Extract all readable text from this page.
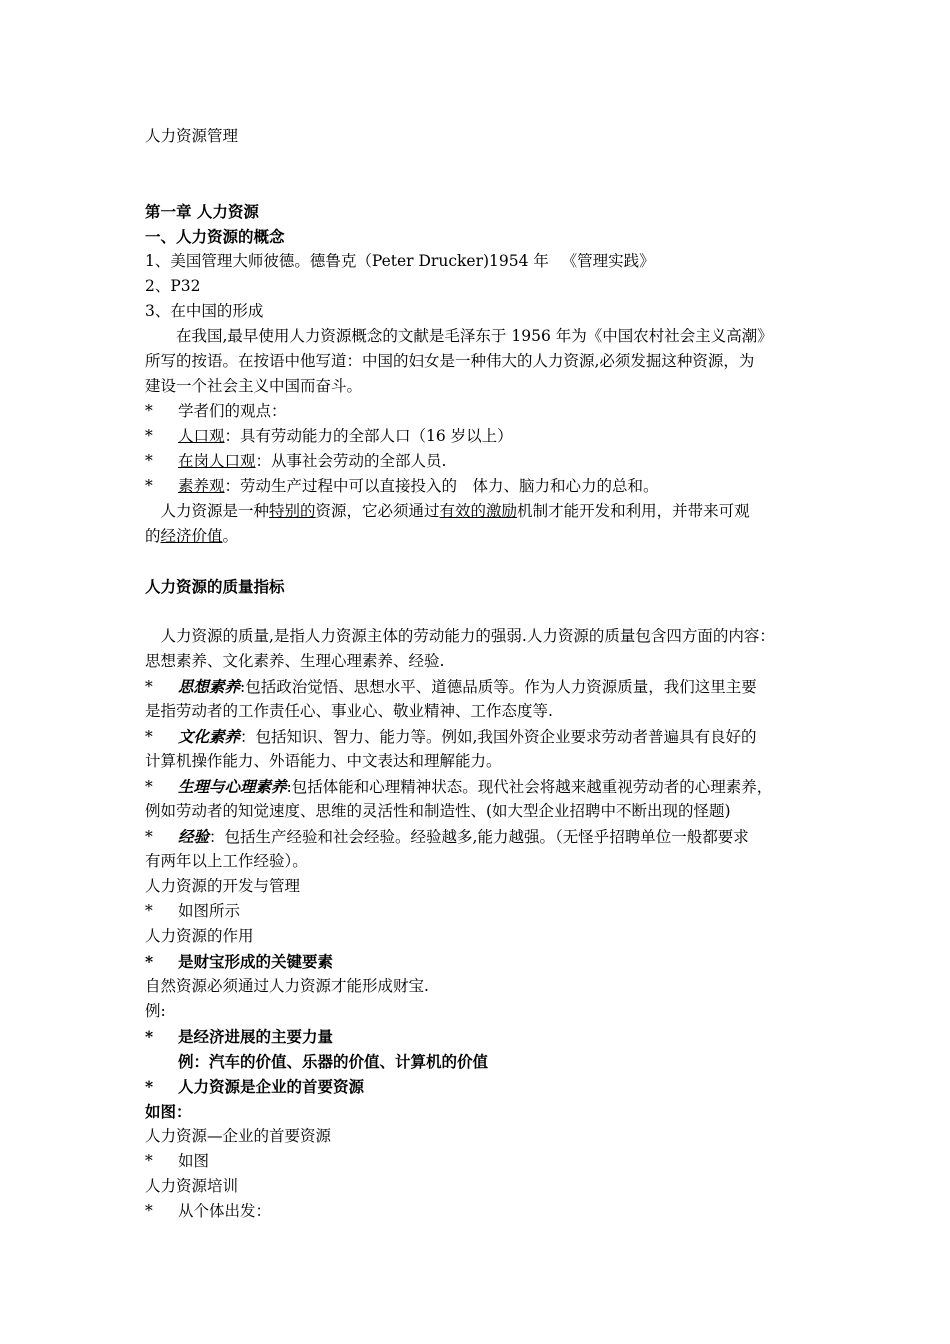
人力资源管理
第一章 人力资源
一、人力资源的概念
1、美国管理大师彼德。德鲁克（Peter Drucker)1954 年 　《管理实践》
2、P32
3、在中国的形成
　　在我国,最早使用人力资源概念的文献是毛泽东于 1956 年为《中国农村社会主义高潮》
所写的按语。在按语中他写道：中国的妇女是一种伟大的人力资源,必须发掘这种资源，为
建设一个社会主义中国而奋斗。
* 学者们的观点：
* 人口观：具有劳动能力的全部人口（16 岁以上）
* 在岗人口观：从事社会劳动的全部人员.
* 素养观：劳动生产过程中可以直接投入的　体力、脑力和心力的总和。
　人力资源是一种特别的资源，它必须通过有效的激励机制才能开发和利用，并带来可观
的经济价值。
人力资源的质量指标
　人力资源的质量,是指人力资源主体的劳动能力的强弱.人力资源的质量包含四方面的内容：
思想素养、文化素养、生理心理素养、经验.
* 思想素养:包括政治觉悟、思想水平、道德品质等。作为人力资源质量，我们这里主要
是指劳动者的工作责任心、事业心、敬业精神、工作态度等.
* 文化素养：包括知识、智力、能力等。例如,我国外资企业要求劳动者普遍具有良好的
计算机操作能力、外语能力、中文表达和理解能力。
* 生理与心理素养:包括体能和心理精神状态。现代社会将越来越重视劳动者的心理素养，
例如劳动者的知觉速度、思维的灵活性和制造性、(如大型企业招聘中不断出现的怪题)
* 经验：包括生产经验和社会经验。经验越多,能力越强。（无怪乎招聘单位一般都要求
有两年以上工作经验）。
人力资源的开发与管理
* 如图所示
人力资源的作用
* 是财宝形成的关键要素
自然资源必须通过人力资源才能形成财宝.
例:
* 是经济进展的主要力量
例：汽车的价值、乐器的价值、计算机的价值
* 人力资源是企业的首要资源
如图：
人力资源—企业的首要资源
* 如图
人力资源培训
* 从个体出发：
